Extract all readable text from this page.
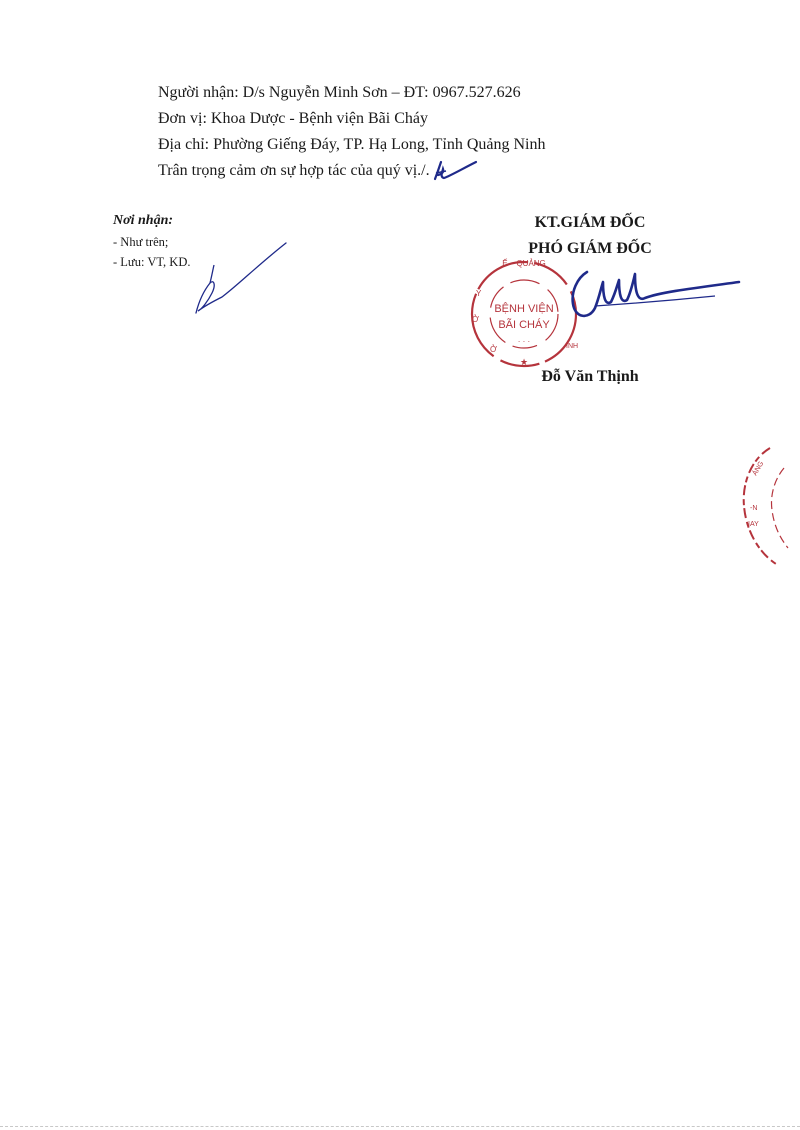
Người nhận: D/s Nguyễn Minh Sơn – ĐT: 0967.527.626
Đơn vị: Khoa Dược - Bệnh viện Bãi Cháy
Địa chỉ: Phường Giếng Đáy, TP. Hạ Long, Tỉnh Quảng Ninh
Trân trọng cảm ơn sự hợp tác của quý vị./.
Nơi nhận:
- Như trên;
- Lưu: VT, KD.
KT.GIÁM ĐỐC
PHÓ GIÁM ĐỐC
Ế    QUẢNG
Y
Ở
Ở	INH
BỆNH VIỆN
BÃI CHÁY
· · ·
★
Đỗ Văn Thịnh
ÁNG
-N
IAY
